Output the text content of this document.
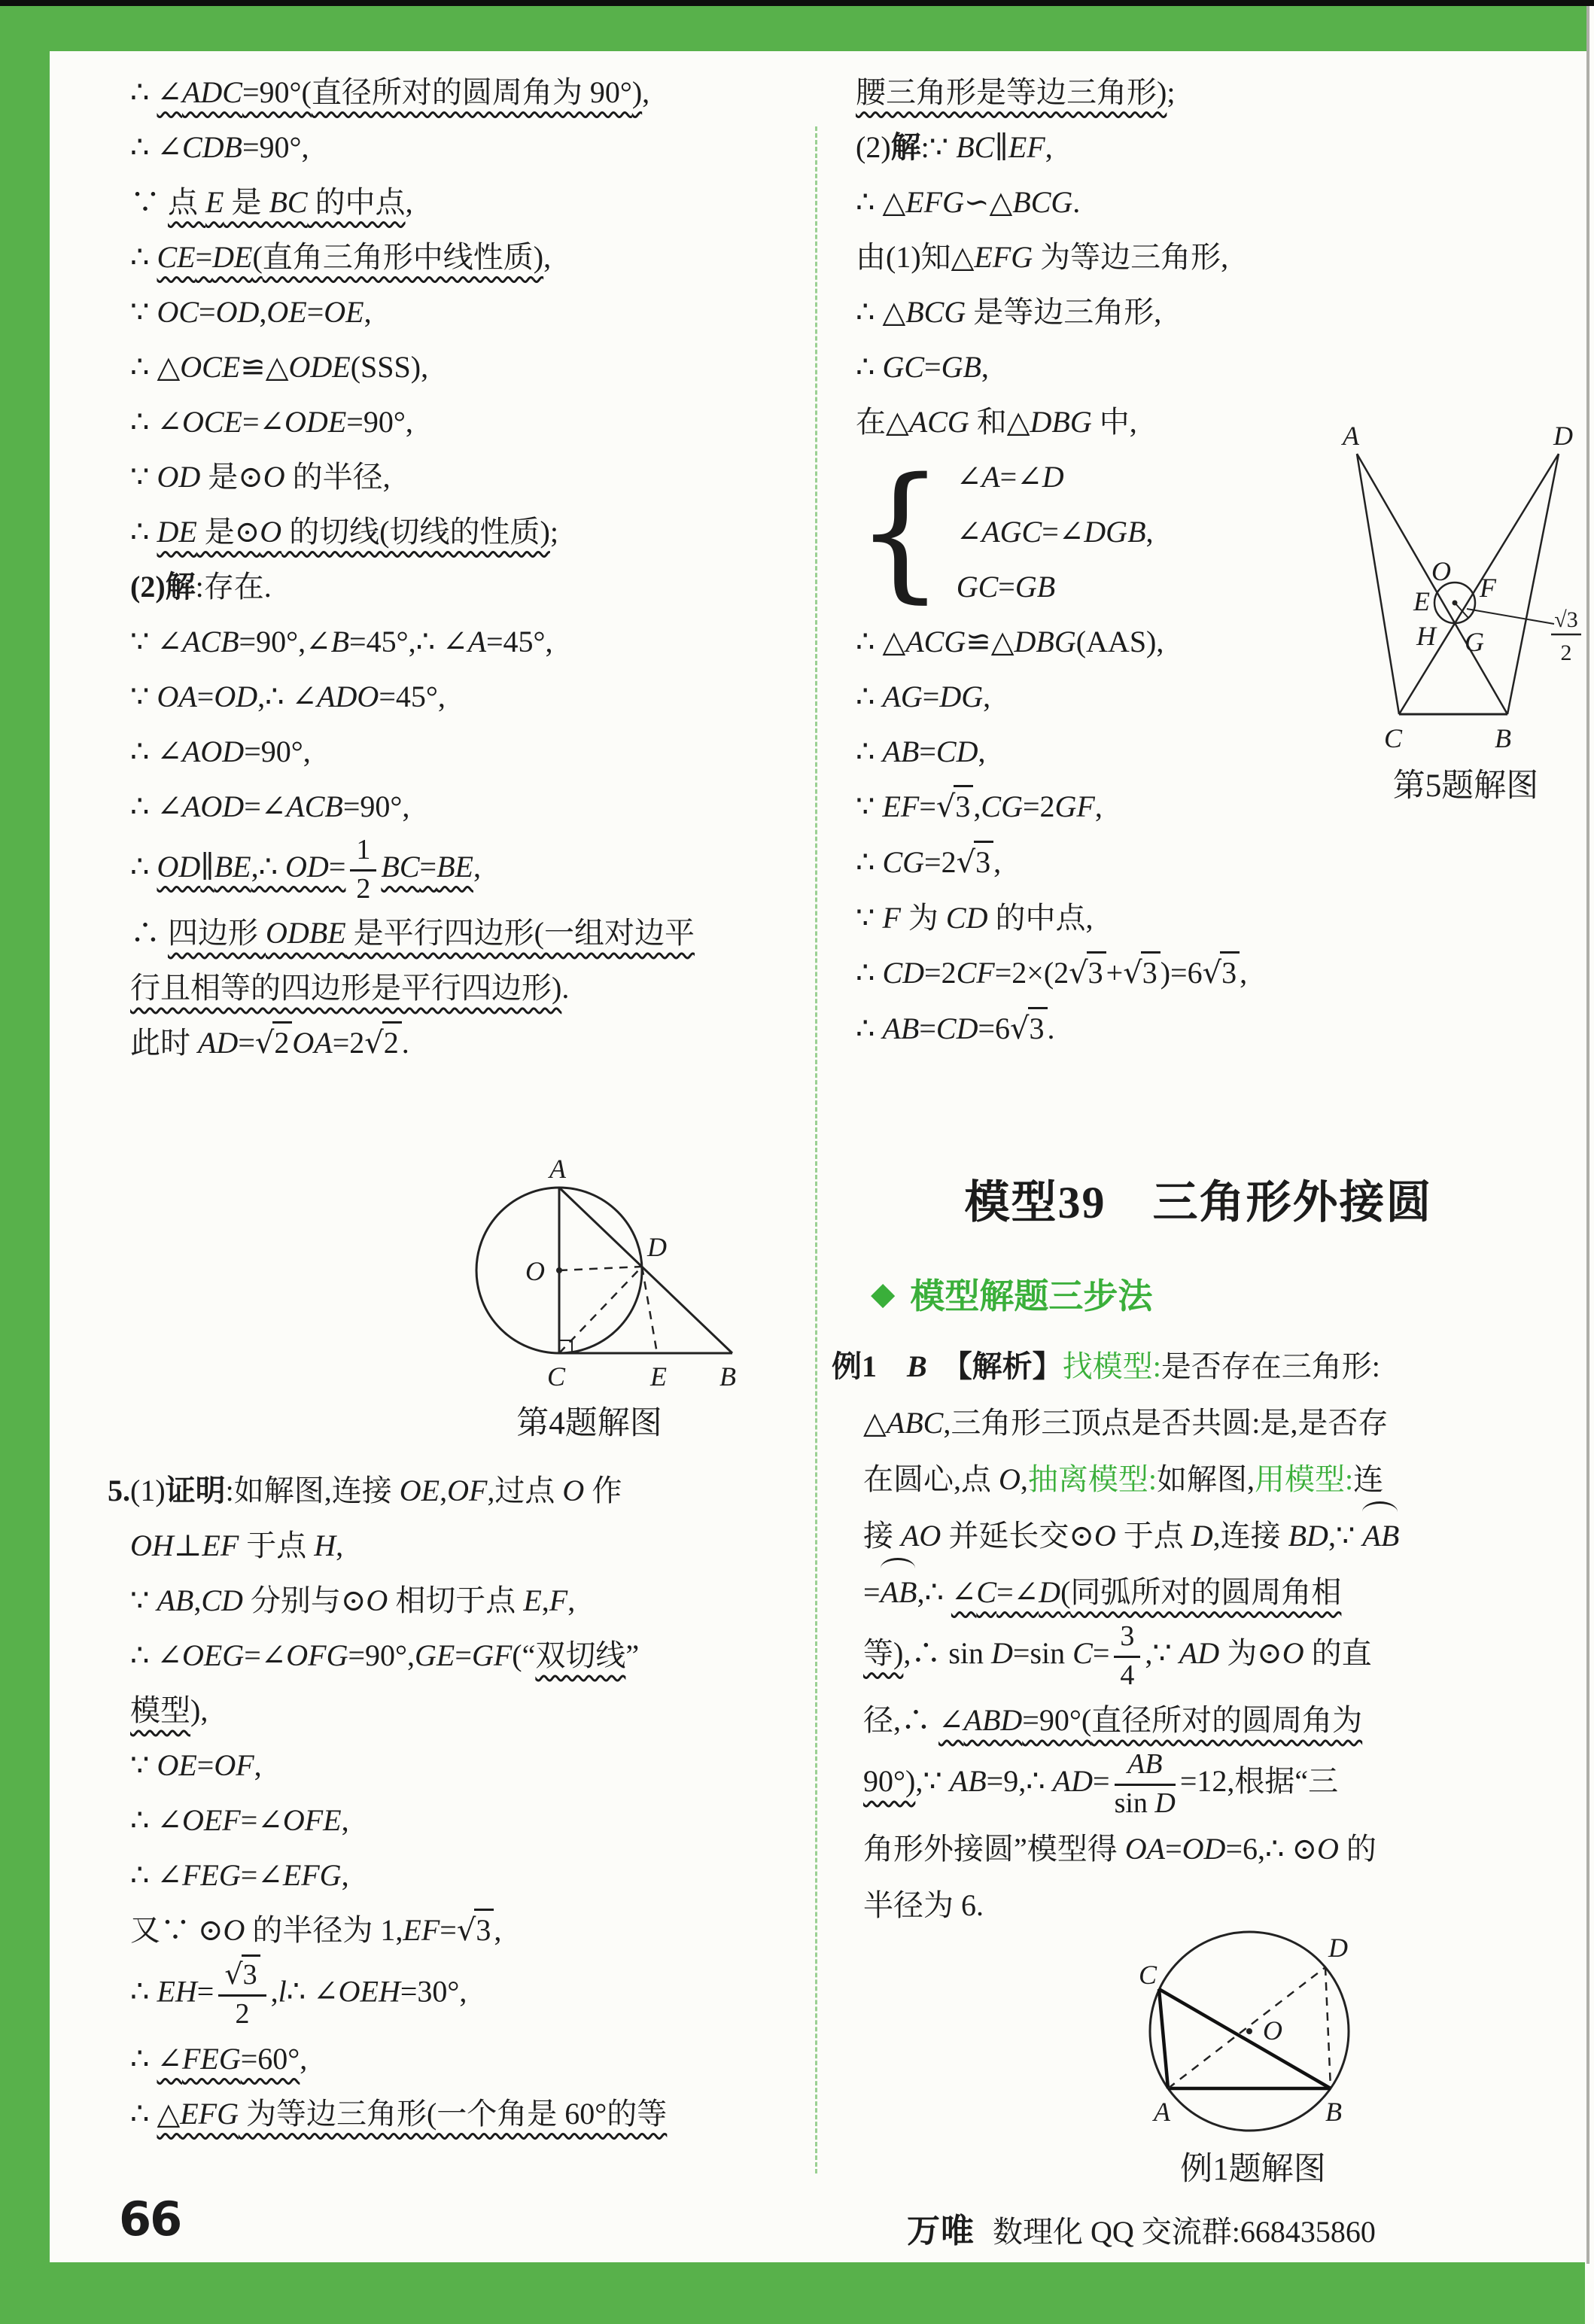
∴ ∠ADC=90°(直径所对的圆周角为 90°),
∴ ∠CDB=90°,
∵ 点 E 是 BC 的中点,
∴ CE=DE(直角三角形中线性质),
∵ OC=OD,OE=OE,
∴ △OCE≌△ODE(SSS),
∴ ∠OCE=∠ODE=90°,
∵ OD 是⊙O 的半径,
∴ DE 是⊙O 的切线(切线的性质);
(2)解:存在.
∵ ∠ACB=90°,∠B=45°,∴ ∠A=45°,
∵ OA=OD,∴ ∠ADO=45°,
∴ ∠AOD=90°,
∴ ∠AOD=∠ACB=90°,
∴ OD∥BE,∴ $OD= \frac{1}{2} BC=BE$,
∴ 四边形 ODBE 是平行四边形(一组对边平
行且相等的四边形是平行四边形).
此时 AD=√2 OA=2√2 .
A
D
O
C	E B
第4题解图
5.(1)证明:如解图,连接 OE,OF,过点 O 作
OH⊥EF 于点 H,
∵ AB,CD 分别与⊙O 相切于点 E,F,
∴ ∠OEG=∠OFG=90°,GE=GF(“双切线”
模型),
∵ OE=OF,
∴ ∠OEF=∠OFE,
∴ ∠FEG=∠EFG,
又∵ ⊙O 的半径为 1,EF=√3 ,
∴ $EH= \frac{√3}{2}$ ,l∴ ∠OEH=30°,
∴ ∠FEG=60°,
∴ △EFG 为等边三角形(一个角是 60°的等
腰三角形是等边三角形);
(2)解:∵ BC∥EF,
∴ △EFG∽△BCG.
由(1)知△EFG 为等边三角形,
∴ △BCG 是等边三角形,
∴ GC=GB,
在△ACG 和△DBG 中,
{ ∠A=∠D
∠AGC=∠DGB,
GC=GB
∴ △ACG≌△DBG(AAS),
∴ AG=DG,
∴ AB=CD,
∵ EF=√3 ,CG=2GF,
∴ CG=2√3 ,
∵ F 为 CD 的中点,
∴ CD=2CF=2×(2√3 +√3 )=6√3 ,
∴ AB=CD=6√3 .
A	D
O
E F
H G
C	B
√3
2
第5题解图
模型39　三角形外接圆
◆ 模型解题三步法
例1　 B　 【解析】找模型:是否存在三角形:
△ABC,三角形三顶点是否共圆:是,是否存
在圆心,点 O,抽离模型:如解图,用模型:连
接 AO 并延长交⊙O 于点 D,连接 BD,∵ AB
=AB,∴ ∠C=∠D(同弧所对的圆周角相
等),∴ sin D=sin $C= \frac{3}{4}$ ,∵ AD 为⊙O 的直
径,∴ ∠ABD=90°(直径所对的圆周角为
90°),∵ AB=9,∴ $AD= \frac{AB}{\text{sin D}} =12$,根据“三
角形外接圆”模型得 OA=OD=6,∴ ⊙O 的
半径为 6.
C
D
O
A	B
例1题解图
66	万唯 数理化 QQ 交流群:668435860
